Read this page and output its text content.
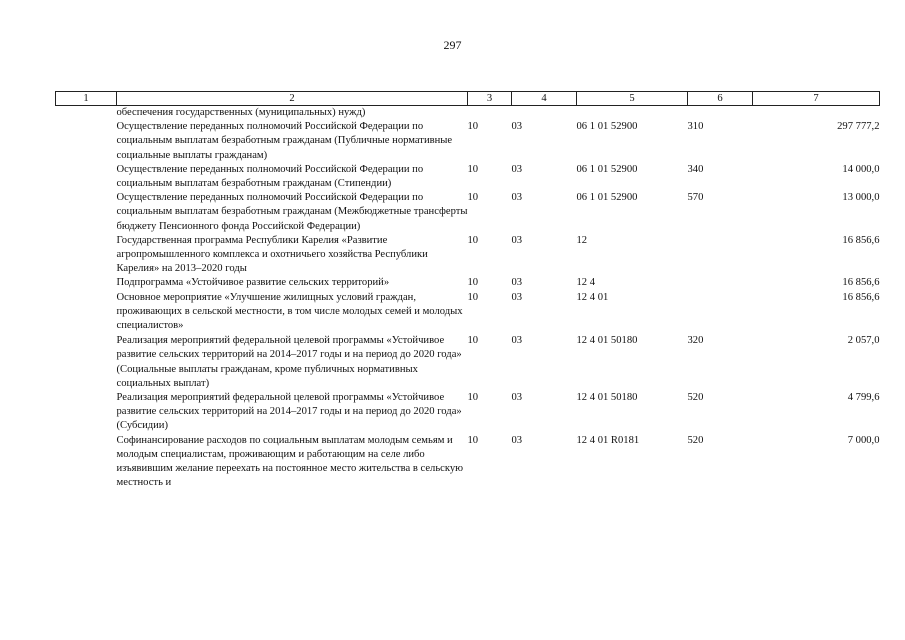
297
1	2	3	4	5	6	7
	обеспечения государственных (муниципальных) нужд)					
	Осуществление переданных полномочий Российской Федерации по социальным выплатам безработным гражданам (Публичные нормативные социальные выплаты гражданам)	10	03	06 1 01 52900	310	297 777,2
	Осуществление переданных полномочий Российской Федерации по социальным выплатам безработным гражданам (Стипендии)	10	03	06 1 01 52900	340	14 000,0
	Осуществление переданных полномочий Российской Федерации по социальным выплатам безработным гражданам (Межбюджетные трансферты бюджету Пенсионного фонда Российской Федерации)	10	03	06 1 01 52900	570	13 000,0
	Государственная программа Республики Карелия «Развитие агропромышленного комплекса и охотничьего хозяйства Республики Карелия» на 2013–2020 годы	10	03	12		16 856,6
	Подпрограмма «Устойчивое развитие сельских территорий»	10	03	12 4		16 856,6
	Основное мероприятие «Улучшение жилищных условий граждан, проживающих в сельской местности, в том числе молодых семей и молодых специалистов»	10	03	12 4 01		16 856,6
	Реализация мероприятий федеральной целевой программы «Устойчивое развитие сельских территорий на 2014–2017 годы и на период до 2020 года» (Социальные выплаты гражданам, кроме публичных нормативных социальных выплат)	10	03	12 4 01 50180	320	2 057,0
	Реализация мероприятий федеральной целевой программы «Устойчивое развитие сельских территорий на 2014–2017 годы и на период до 2020 года» (Субсидии)	10	03	12 4 01 50180	520	4 799,6
	Софинансирование расходов по социальным выплатам молодым семьям и молодым специалистам, проживающим и работающим на селе либо изъявившим желание переехать на постоянное место жительства в сельскую местность и	10	03	12 4 01 R0181	520	7 000,0
